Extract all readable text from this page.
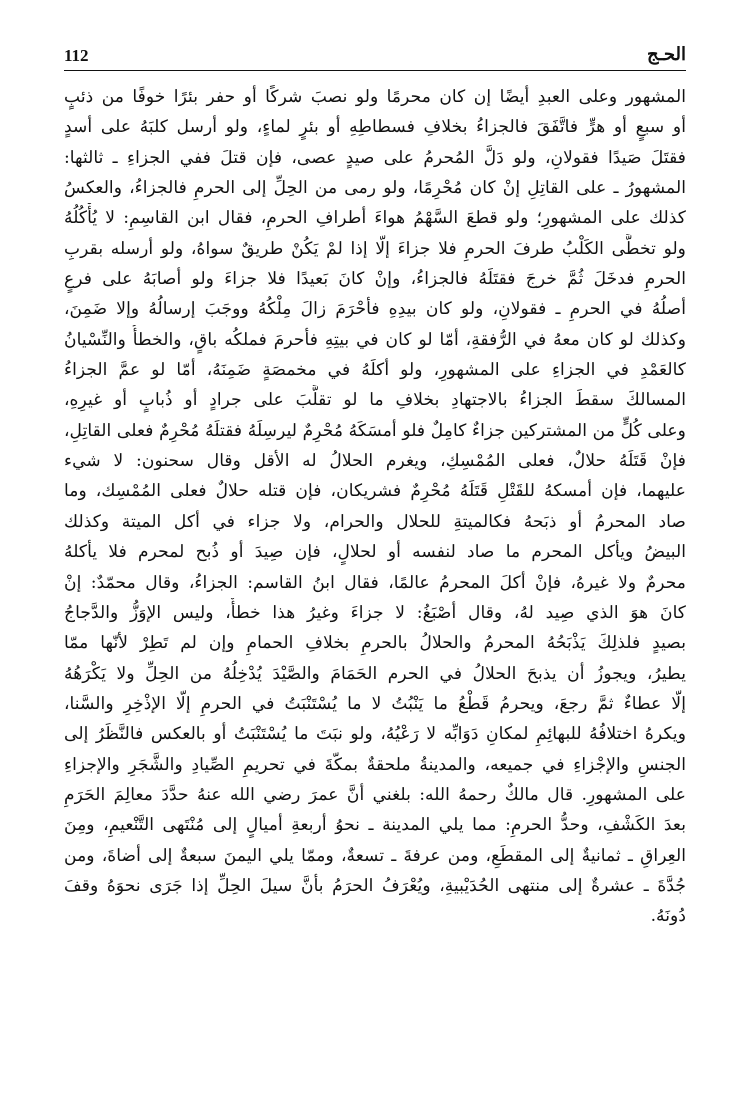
112	الحـج

المشهور وعلى العبدِ أيضًا إن كان محرمًا ولو نصبَ شركًا أو حفر بئرًا خوفًا من ذئبٍ
أو سبعٍ أو هرٍّ فاتَّفَقَ فالجزاءُ بخلافِ فسطاطِهِ أو بئرٍ لماءٍ، ولو أرسل كلبَهُ على أسدٍ
فقتَلَ صَيدًا فقولانِ، ولو دَلَّ المُحرمُ على صيدٍ عصى، فإن قتلَ ففي الجزاءِ ـ ثالثها:
المشهورُ ـ على القاتِلِ إنْ كان مُحْرِمًا، ولو رمى من الحِلِّ إلى الحرمِ فالجزاءُ، والعكسُ
كذلك على المشهورِ؛ ولو قطعَ السَّهْمُ هواءَ أطرافِ الحرمِ، فقال ابن القاسِمِ: لا يُأْكُلُهُ
ولو تخطَّى الكَلْبُ طرفَ الحرمِ فلا جزاءَ إلّا إذا لمْ يَكُنْ طريقٌ سواهُ، ولو أرسله بقربِ
الحرمِ فدخَلَ ثُمَّ خرجَ فقتَلَهُ فالجزاءُ، وإنْ كانَ بَعيدًا فلا جزاءَ ولو أصابَهُ على فرعٍ
أصلُهُ في الحرمِ ـ فقولانِ، ولو كان بيدِهِ فأحْرَمَ زالَ مِلْكُهُ ووجَبَ إرسالُهُ وإلا ضَمِنَ،
وكذلك لو كان معهُ في الرُّفقةِ، أمّا لو كان في بيتِهِ فأحرمَ فملكُه باقٍ، والخطأُ والنِّسْيانُ
كالعَمْدِ في الجزاءِ على المشهورِ، ولو أكلَهُ في مخمصَةٍ ضَمِنَهُ، أمّا لو عمَّ الجزاءُ
المسالكَ سقطَ الجزاءُ بالاجتهادِ بخلافِ ما لو تقلَّبَ على جرادٍ أو ذُبابٍ أو غيرِهِ،
وعلى كُلٍّ من المشتركين جزاءٌ كامِلٌ فلو أمسَكَهُ مُحْرِمٌ ليرسِلَهُ فقتلَهُ مُحْرِمٌ فعلى القاتِلِ،
فإنْ قَتَلَهُ حلالٌ، فعلى المُمْسِكِ، ويغرم الحلالُ له الأقل وقال سحنون: لا شيء
عليهما، فإن أمسكهُ للقَتْلِ قَتَلَهُ مُحْرِمٌ فشريكان، فإن قتله حلالٌ فعلى المُمْسِك، وما
صاد المحرمُ أو ذبَحهُ فكالميتةِ للحلال والحرام، ولا جزاء في أكل الميتة وكذلك
البيضُ ويأكل المحرم ما صاد لنفسه أو لحلالٍ، فإن صِيدَ أو ذُبح لمحرم فلا يأكلهُ
محرمٌ ولا غيرهُ، فإنْ أكلَ المحرمُ عالمًا، فقال ابنُ القاسم: الجزاءُ، وقال محمّدٌ: إنْ
كانَ هوَ الذي صِيد لهُ، وقال أصْبَغُ: لا جزاءَ وغيرُ هذا خطأٌ، وليس الإوَزُّ والدَّجاجُ
بصيدٍ فلذلِكَ يَذْبَحُهُ المحرمُ والحلالُ بالحرمِ بخلافِ الحمامِ وإن لم تَطِرْ لأنّها ممّا
يطيرُ، ويجوزُ أن يذبحَ الحلالُ في الحرم الحَمَامَ والصَّيْدَ يُدْخِلُهُ من الحِلِّ ولا يَكْرَهُهُ
إلّا عطاءٌ ثمَّ رجعَ، ويحرمُ قَطْعُ ما يَنْبُتُ لا ما يُسْتَنْبَتُ في الحرمِ إلّا الإذْخِرِ والسَّنا،
ويكرهُ اختلافُهُ للبهائِمِ لمكانِ دَوَابِّه لا رَعْيُهُ، ولو نبَتَ ما يُسْتَنْبَتُ أو بالعكس فالنَّظَرُ إلى
الجنسِ والإجْزاءِ في جميعه، والمدينةُ ملحقةٌ بمكّةَ في تحريمِ الصِّيادِ والشَّجَرِ والإجزاءِ
على المشهورِ. قال مالكٌ رحمهُ الله: بلغني أنَّ عمرَ رضي الله عنهُ حدَّدَ معالِمَ الحَرَمِ
بعدَ الكَشْفِ، وحدُّ الحرمِ: مما يلي المدينة ـ نحوُ أربعةِ أميالٍ إلى مُنْتَهى التَّنْعيمِ، ومِنَ
العِراقِ ـ ثمانيةٌ إلى المقطَعِ، ومن عرفةَ ـ تسعةٌ، وممّا يلي اليمنَ سبعةٌ إلى أضاةَ، ومن
جُدَّةَ ـ عشرةٌ إلى منتهى الحُدَيْبيةِ، ويُعْرَفُ الحرَمُ بأنَّ سيلَ الحِلِّ إذا جَرَى نحوَهُ وقفَ
دُونَهُ.
